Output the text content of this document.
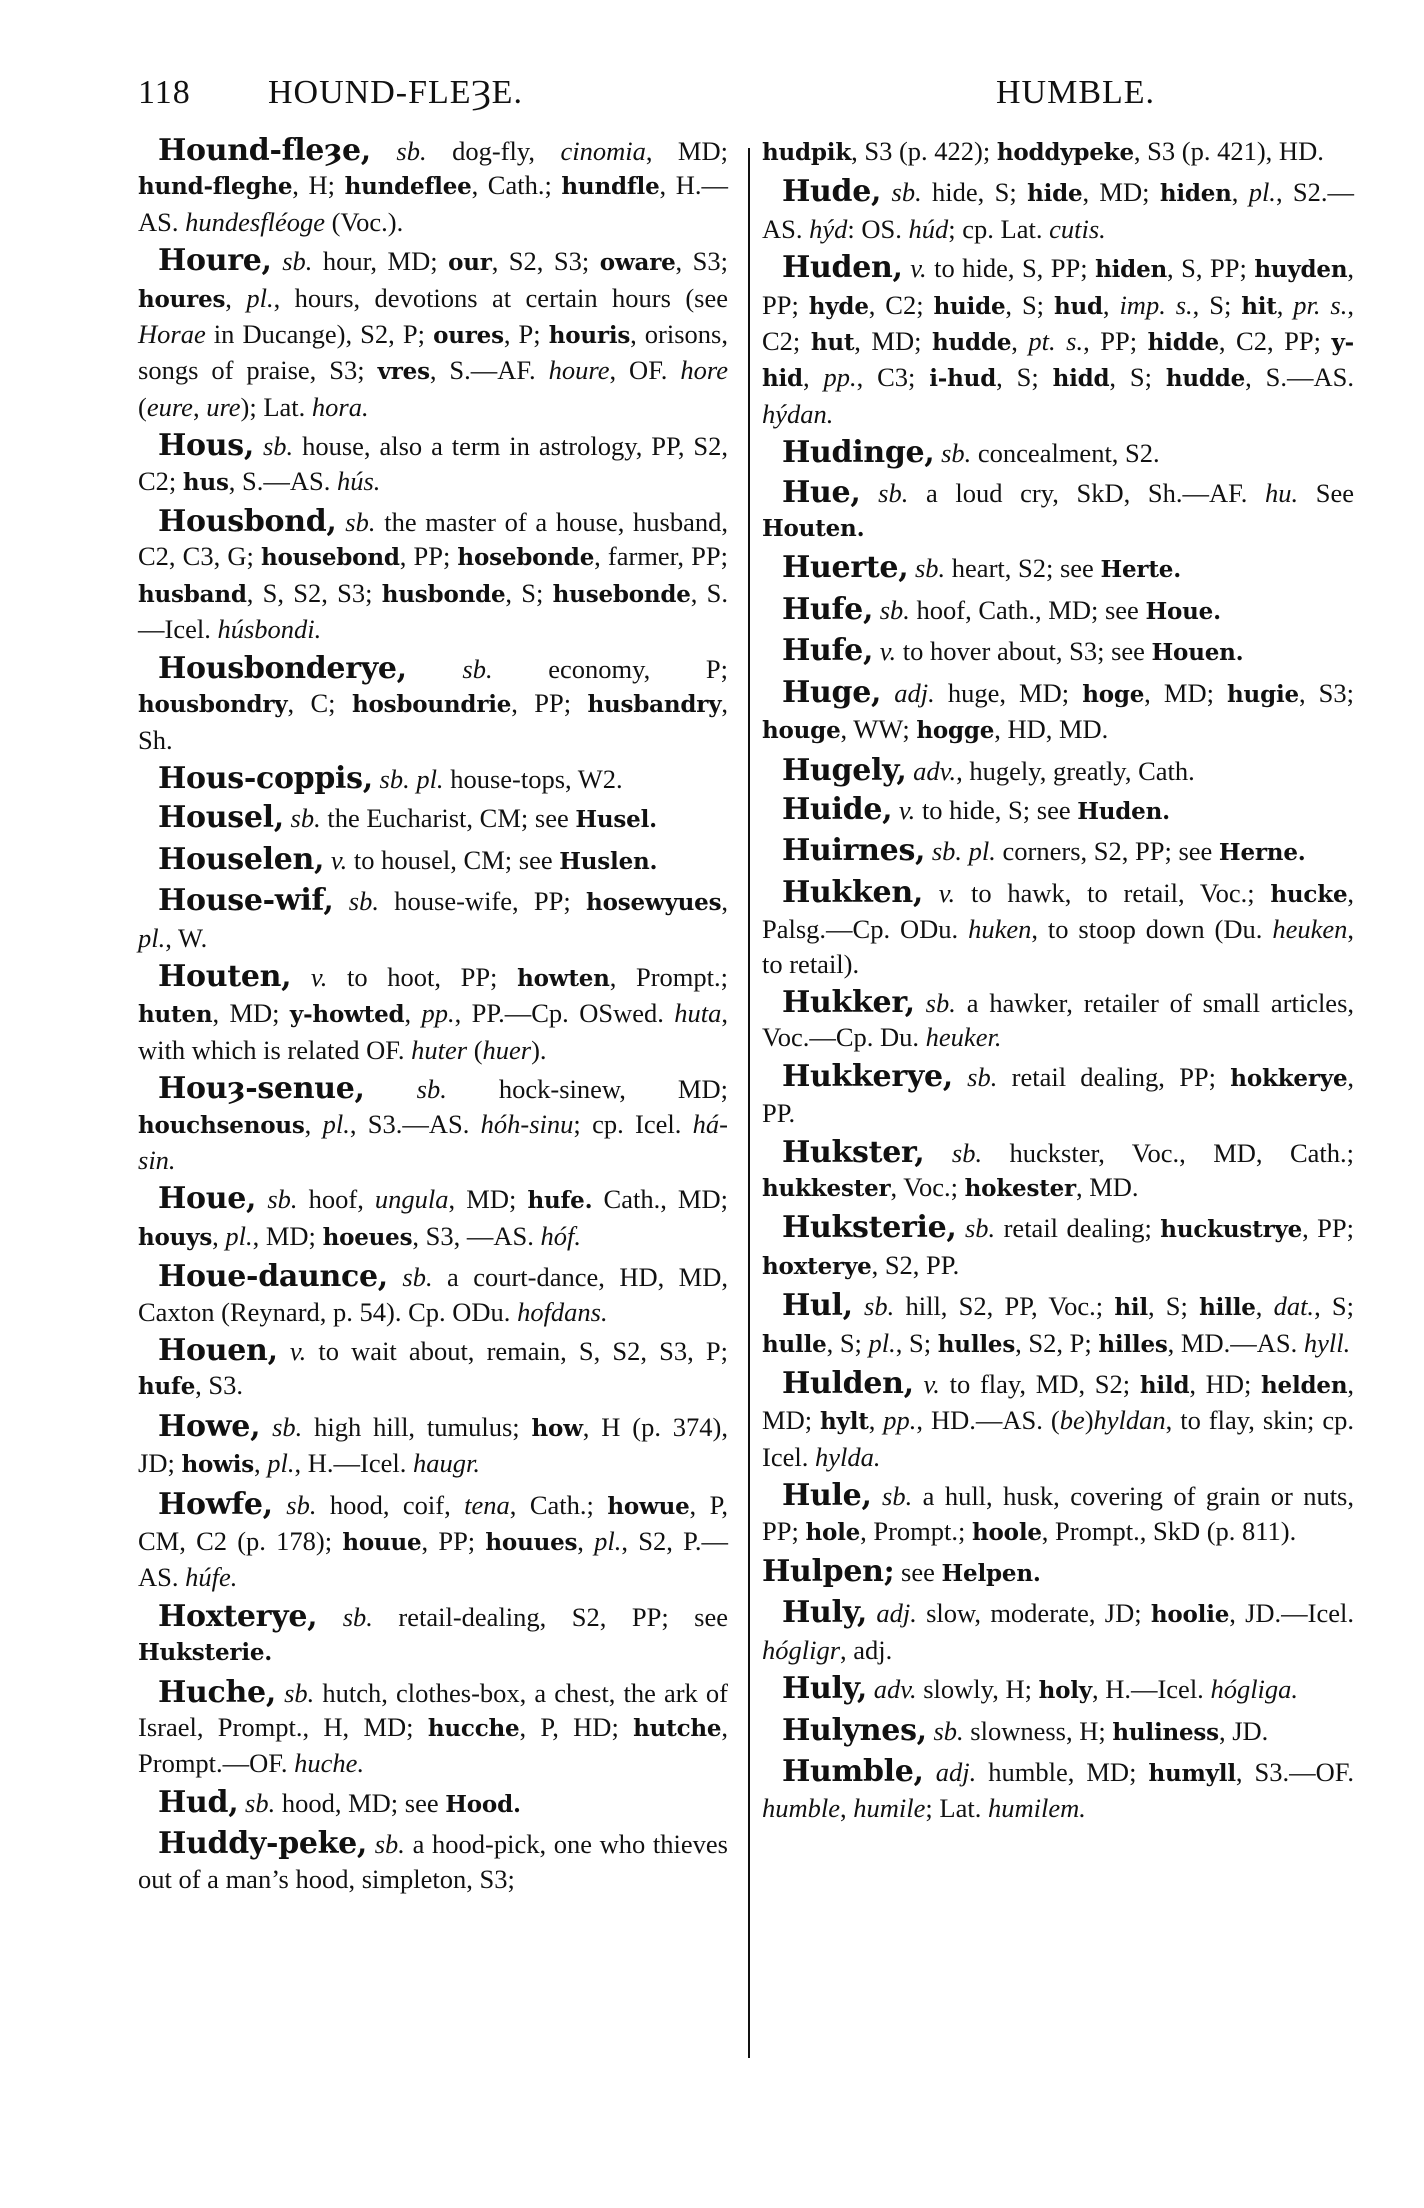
118 HOUND-FLEȜE.	HUMBLE.

Hound-fleȝe, sb. dog-fly, cinomia, MD; hund-fleghe, H; hundeflee, Cath.; hundfle, H.—AS. hundesfléoge (Voc.).

Houre, sb. hour, MD; our, S2, S3; oware, S3; houres, pl., hours, devotions at certain hours (see Horae in Ducange), S2, P; oures, P; houris, orisons, songs of praise, S3; vres, S.—AF. houre, OF. hore (eure, ure); Lat. hora.

Hous, sb. house, also a term in astrology, PP, S2, C2; hus, S.—AS. hús.

Housbond, sb. the master of a house, husband, C2, C3, G; housebond, PP; hosebonde, farmer, PP; husband, S, S2, S3; husbonde, S; husebonde, S.—Icel. húsbondi.

Housbonderye, sb. economy, P; housbondry, C; hosboundrie, PP; husbandry, Sh.

Hous-coppis, sb. pl. house-tops, W2.

Housel, sb. the Eucharist, CM; see Husel.

Houselen, v. to housel, CM; see Huslen.

House-wif, sb. house-wife, PP; hosewyues, pl., W.

Houten, v. to hoot, PP; howten, Prompt.; huten, MD; y-howted, pp., PP.—Cp. OSwed. huta, with which is related OF. huter (huer).

Houȝ-senue, sb. hock-sinew, MD; houchsenous, pl., S3.—AS. hóh-sinu; cp. Icel. há-sin.

Houe, sb. hoof, ungula, MD; hufe. Cath., MD; houys, pl., MD; hoeues, S3, —AS. hóf.

Houe-daunce, sb. a court-dance, HD, MD, Caxton (Reynard, p. 54). Cp. ODu. hofdans.

Houen, v. to wait about, remain, S, S2, S3, P; hufe, S3.

Howe, sb. high hill, tumulus; how, H (p. 374), JD; howis, pl., H.—Icel. haugr.

Howfe, sb. hood, coif, tena, Cath.; howue, P, CM, C2 (p. 178); houue, PP; houues, pl., S2, P.—AS. húfe.

Hoxterye, sb. retail-dealing, S2, PP; see Huksterie.

Huche, sb. hutch, clothes-box, a chest, the ark of Israel, Prompt., H, MD; hucche, P, HD; hutche, Prompt.—OF. huche.

Hud, sb. hood, MD; see Hood.

Huddy-peke, sb. a hood-pick, one who thieves out of a man’s hood, simpleton, S3;

hudpik, S3 (p. 422); hoddypeke, S3 (p. 421), HD.

Hude, sb. hide, S; hide, MD; hiden, pl., S2.—AS. hýd: OS. húd; cp. Lat. cutis.

Huden, v. to hide, S, PP; hiden, S, PP; huyden, PP; hyde, C2; huide, S; hud, imp. s., S; hit, pr. s., C2; hut, MD; hudde, pt. s., PP; hidde, C2, PP; y-hid, pp., C3; i-hud, S; hidd, S; hudde, S.—AS. hýdan.

Hudinge, sb. concealment, S2.

Hue, sb. a loud cry, SkD, Sh.—AF. hu. See Houten.

Huerte, sb. heart, S2; see Herte.

Hufe, sb. hoof, Cath., MD; see Houe.

Hufe, v. to hover about, S3; see Houen.

Huge, adj. huge, MD; hoge, MD; hugie, S3; houge, WW; hogge, HD, MD.

Hugely, adv., hugely, greatly, Cath.

Huide, v. to hide, S; see Huden.

Huirnes, sb. pl. corners, S2, PP; see Herne.

Hukken, v. to hawk, to retail, Voc.; hucke, Palsg.—Cp. ODu. huken, to stoop down (Du. heuken, to retail).

Hukker, sb. a hawker, retailer of small articles, Voc.—Cp. Du. heuker.

Hukkerye, sb. retail dealing, PP; hokkerye, PP.

Hukster, sb. huckster, Voc., MD, Cath.; hukkester, Voc.; hokester, MD.

Huksterie, sb. retail dealing; huckustrye, PP; hoxterye, S2, PP.

Hul, sb. hill, S2, PP, Voc.; hil, S; hille, dat., S; hulle, S; pl., S; hulles, S2, P; hilles, MD.—AS. hyll.

Hulden, v. to flay, MD, S2; hild, HD; helden, MD; hylt, pp., HD.—AS. (be)hyldan, to flay, skin; cp. Icel. hylda.

Hule, sb. a hull, husk, covering of grain or nuts, PP; hole, Prompt.; hoole, Prompt., SkD (p. 811).

Hulpen; see Helpen.

Huly, adj. slow, moderate, JD; hoolie, JD.—Icel. hógligr, adj.

Huly, adv. slowly, H; holy, H.—Icel. hógliga.

Hulynes, sb. slowness, H; huliness, JD.

Humble, adj. humble, MD; humyll, S3.—OF. humble, humile; Lat. humilem.
